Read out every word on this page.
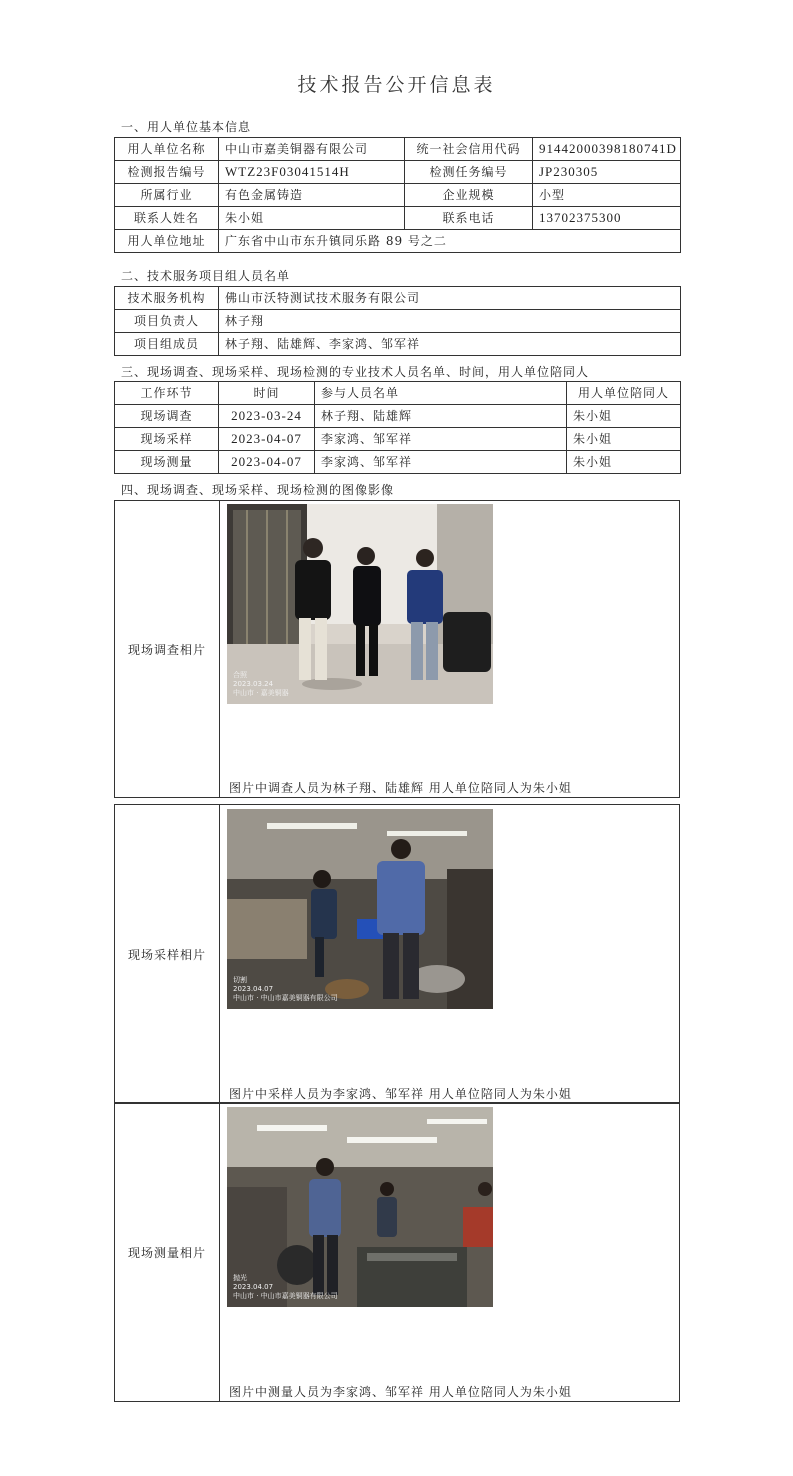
技术报告公开信息表
一、用人单位基本信息
用人单位名称	中山市嘉美铜器有限公司	统一社会信用代码	91442000398180741D
检测报告编号	WTZ23F03041514H	检测任务编号	JP230305
所属行业	有色金属铸造	企业规模	小型
联系人姓名	朱小姐	联系电话	13702375300
用人单位地址	广东省中山市东升镇同乐路 89 号之二		
二、技术服务项目组人员名单
技术服务机构	佛山市沃特测试技术服务有限公司
项目负责人	林子翔
项目组成员	林子翔、陆雄辉、李家鸿、邹军祥
三、现场调查、现场采样、现场检测的专业技术人员名单、时间，用人单位陪同人
工作环节	时间	参与人员名单	用人单位陪同人
现场调查	2023-03-24	林子翔、陆雄辉	朱小姐
现场采样	2023-04-07	李家鸿、邹军祥	朱小姐
现场测量	2023-04-07	李家鸿、邹军祥	朱小姐
四、现场调查、现场采样、现场检测的图像影像
现场调查相片
合照
2023.03.24
中山市 · 嘉美铜器
图片中调查人员为林子翔、陆雄辉 用人单位陪同人为朱小姐
现场采样相片
切割
2023.04.07
中山市 · 中山市嘉美铜器有限公司
图片中采样人员为李家鸿、邹军祥 用人单位陪同人为朱小姐
现场测量相片
抛光
2023.04.07
中山市 · 中山市嘉美铜器有限公司
图片中测量人员为李家鸿、邹军祥 用人单位陪同人为朱小姐
